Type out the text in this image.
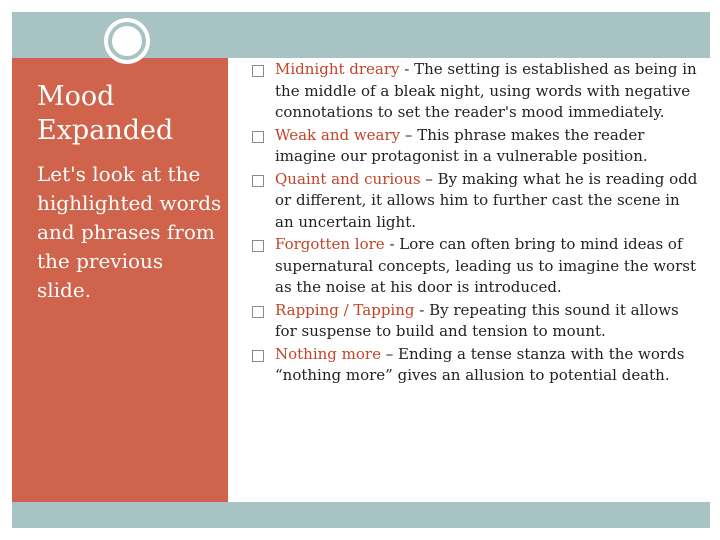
Mood Expanded

Let's look at the highlighted words and phrases from the previous slide.

Midnight dreary - The setting is established as being in the middle of a bleak night, using words with negative connotations to set the reader's mood immediately.
Weak and weary – This phrase makes the reader imagine our protagonist in a vulnerable position.
Quaint and curious – By making what he is reading odd or different, it allows him to further cast the scene in an uncertain light.
Forgotten lore - Lore can often bring to mind ideas of supernatural concepts, leading us to imagine the worst as the noise at his door is introduced.
Rapping / Tapping - By repeating this sound it allows for suspense to build and tension to mount.
Nothing more – Ending a tense stanza with the words “nothing more” gives an allusion to potential death.
